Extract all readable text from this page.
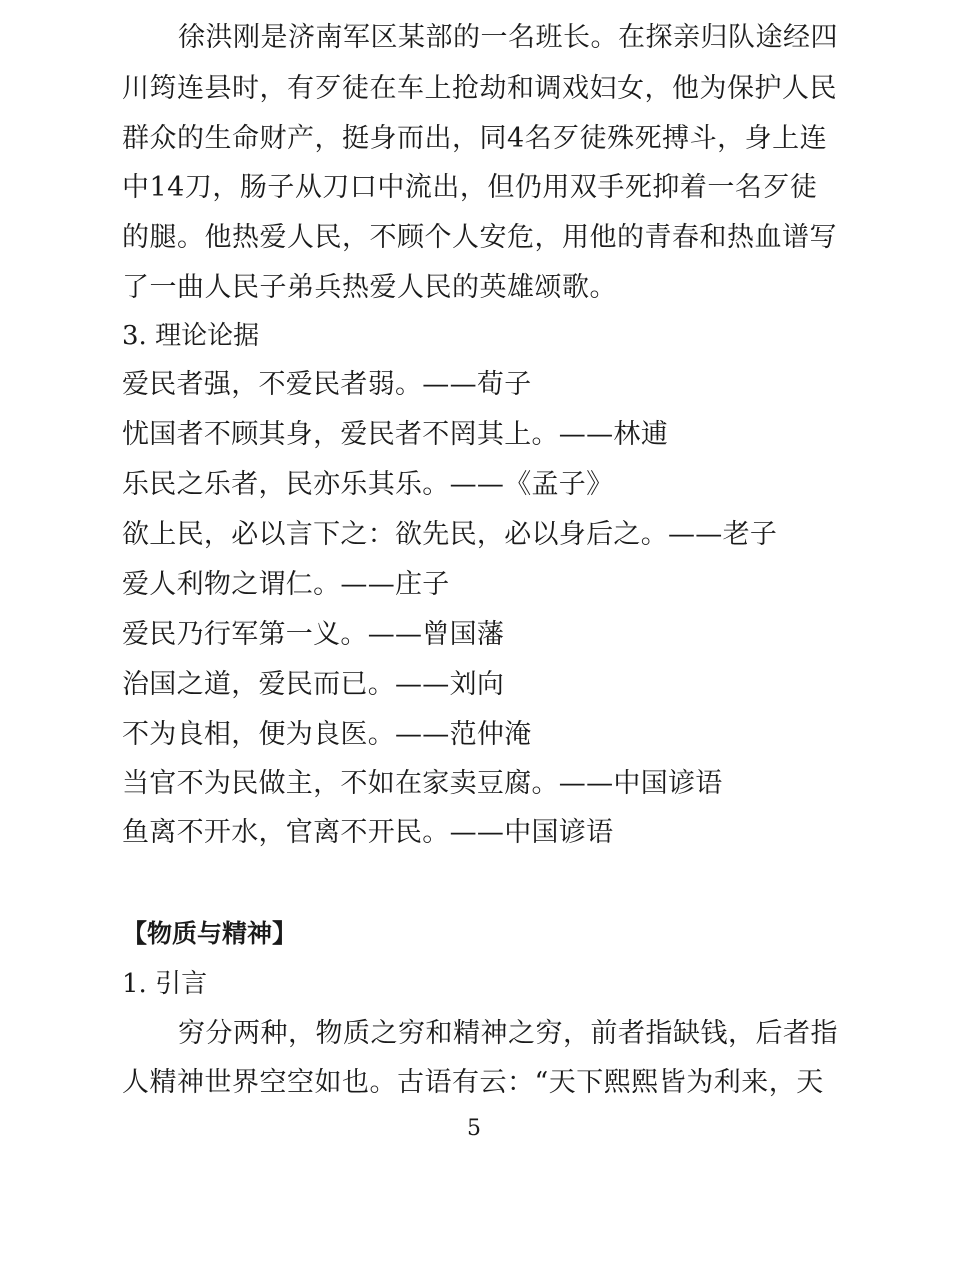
徐洪刚是济南军区某部的一名班长。在探亲归队途经四
川筠连县时，有歹徒在车上抢劫和调戏妇女，他为保护人民
群众的生命财产，挺身而出，同4名歹徒殊死搏斗，身上连
中14刀，肠子从刀口中流出，但仍用双手死抑着一名歹徒
的腿。他热爱人民，不顾个人安危，用他的青春和热血谱写
了一曲人民子弟兵热爱人民的英雄颂歌。
3. 理论论据
爱民者强，不爱民者弱。——荀子
忧国者不顾其身，爱民者不罔其上。——林逋
乐民之乐者，民亦乐其乐。——《孟子》
欲上民，必以言下之：欲先民，必以身后之。——老子
爱人利物之谓仁。——庄子
爱民乃行军第一义。——曾国藩
治国之道，爱民而已。——刘向
不为良相，便为良医。——范仲淹
当官不为民做主，不如在家卖豆腐。——中国谚语
鱼离不开水，官离不开民。——中国谚语
【物质与精神】
1. 引言
穷分两种，物质之穷和精神之穷，前者指缺钱，后者指
人精神世界空空如也。古语有云：“天下熙熙皆为利来，天
5
